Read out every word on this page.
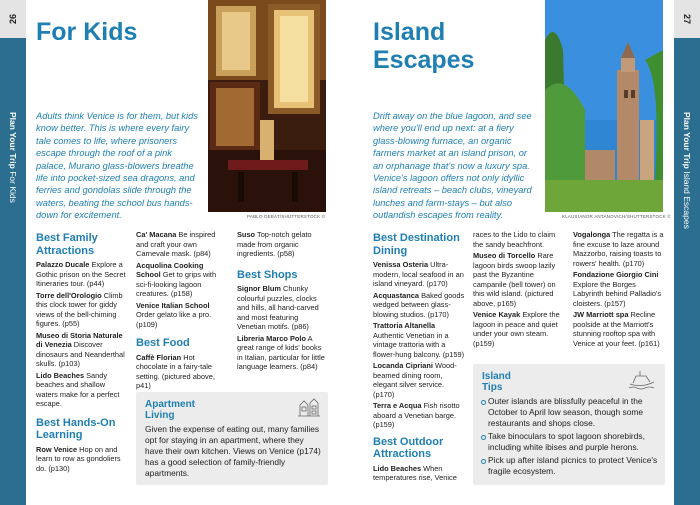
26
Plan Your Trip For Kids
For Kids
Adults think Venice is for them, but kids know better. This is where every fairy tale comes to life, where prisoners escape through the roof of a pink palace, Murano glass-blowers breathe life into pocket-sized sea dragons, and ferries and gondolas slide through the waters, beating the school bus hands-down for excitement.	PABLO DEBAT/SHUTTERSTOCK ©
Best Family Attractions

Palazzo Ducale Explore a Gothic prison on the Secret Itineraries tour. (p44)

Torre dell'Orologio Climb this clock tower for giddy views of the bell-chiming figures. (p55)

Museo di Storia Naturale di Venezia Discover dinosaurs and Neanderthal skulls. (p103)

Lido Beaches Sandy beaches and shallow waters make for a perfect escape.

Best Hands-On Learning

Row Venice Hop on and learn to row as gondoliers do. (p130)

Ca' Macana Be inspired and craft your own Carnevale mask. (p84)

Acquolina Cooking School Get to grips with sci-fi-looking lagoon creatures. (p158)

Venice Italian School Order gelato like a pro. (p109)

Best Food

Caffè Florian Hot chocolate in a fairy-tale setting. (pictured above, p41)

Suso Top-notch gelato made from organic ingredients. (p58)

Best Shops

Signor Blum Chunky colourful puzzles, clocks and hills, all hand-carved and most featuring Venetian motifs. (p86)

Libreria Marco Polo A great range of kids' books in Italian, particular for little language learners. (p84)

Apartment
Living
Given the expense of eating out, many families opt for staying in an apartment, where they have their own kitchen. Views on Venice (p174) has a good selection of family-friendly apartments.
27
Plan Your Trip Island Escapes
Island
Escapes
Drift away on the blue lagoon, and see where you'll end up next: at a fiery glass-blowing furnace, an organic farmers market at an island prison, or an orphanage that's now a luxury spa. Venice's lagoon offers not only idyllic island retreats – beach clubs, vineyard lunches and farm-stays – but also outlandish escapes from reality.	KLAUSIANOR ANTANOVICH/SHUTTERSTOCK ©
Best Destination Dining

Venissa Osteria Ultra-modern, local seafood in an island vineyard. (p170)

Acquastanca Baked goods wedged between glass-blowing studios. (p170)

Trattoria Altanella Authentic Venetian in a vintage trattoria with a flower-hung balcony. (p159)

Locanda Cipriani Wood-beamed dining room, elegant silver service. (p170)

Terra e Acqua Fish risotto aboard a Venetian barge. (p159)

Best Outdoor Attractions

Lido Beaches When temperatures rise, Venice

races to the Lido to claim the sandy beachfront.

Museo di Torcello Rare lagoon birds swoop lazily past the Byzantine campanile (bell tower) on this wild island. (pictured above, p165)

Venice Kayak Explore the lagoon in peace and quiet under your own steam. (p159)

Vogalonga The regatta is a fine excuse to laze around Mazzorbo, raising toasts to rowers' health. (p170)

Fondazione Giorgio Cini Explore the Borges Labyrinth behind Palladio's cloisters. (p157)

JW Marriott spa Recline poolside at the Marriott's stunning rooftop spa with Venice at your feet. (p161)

Island
Tips
Outer islands are blissfully peaceful in the October to April low season, though some restaurants and shops close.
Take binoculars to spot lagoon shorebirds, including white ibises and purple herons.
Pick up after island picnics to protect Venice's fragile ecosystem.
